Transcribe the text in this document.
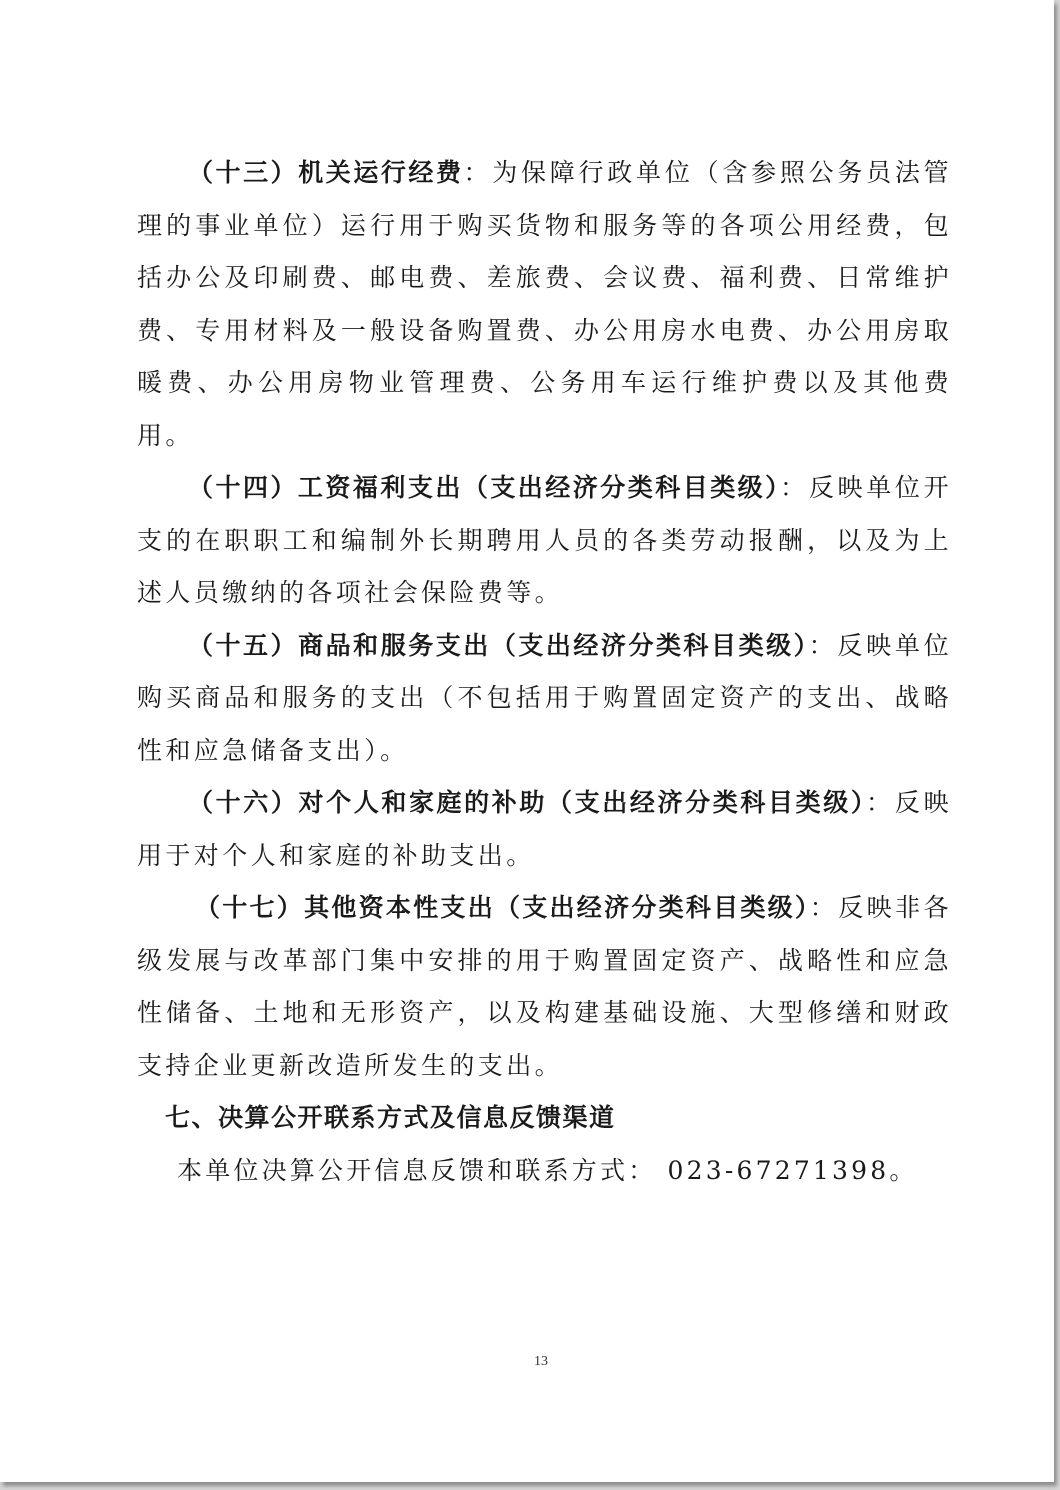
（十三）机关运行经费：为保障行政单位（含参照公务员法管理的事业单位）运行用于购买货物和服务等的各项公用经费，包括办公及印刷费、邮电费、差旅费、会议费、福利费、日常维护费、专用材料及一般设备购置费、办公用房水电费、办公用房取暖费、办公用房物业管理费、公务用车运行维护费以及其他费用。

（十四）工资福利支出（支出经济分类科目类级）：反映单位开支的在职职工和编制外长期聘用人员的各类劳动报酬，以及为上述人员缴纳的各项社会保险费等。

（十五）商品和服务支出（支出经济分类科目类级）：反映单位购买商品和服务的支出（不包括用于购置固定资产的支出、战略性和应急储备支出）。

（十六）对个人和家庭的补助（支出经济分类科目类级）：反映用于对个人和家庭的补助支出。

（十七）其他资本性支出（支出经济分类科目类级）：反映非各级发展与改革部门集中安排的用于购置固定资产、战略性和应急性储备、土地和无形资产，以及构建基础设施、大型修缮和财政支持企业更新改造所发生的支出。

七、决算公开联系方式及信息反馈渠道

本单位决算公开信息反馈和联系方式： 023-67271398。

13
